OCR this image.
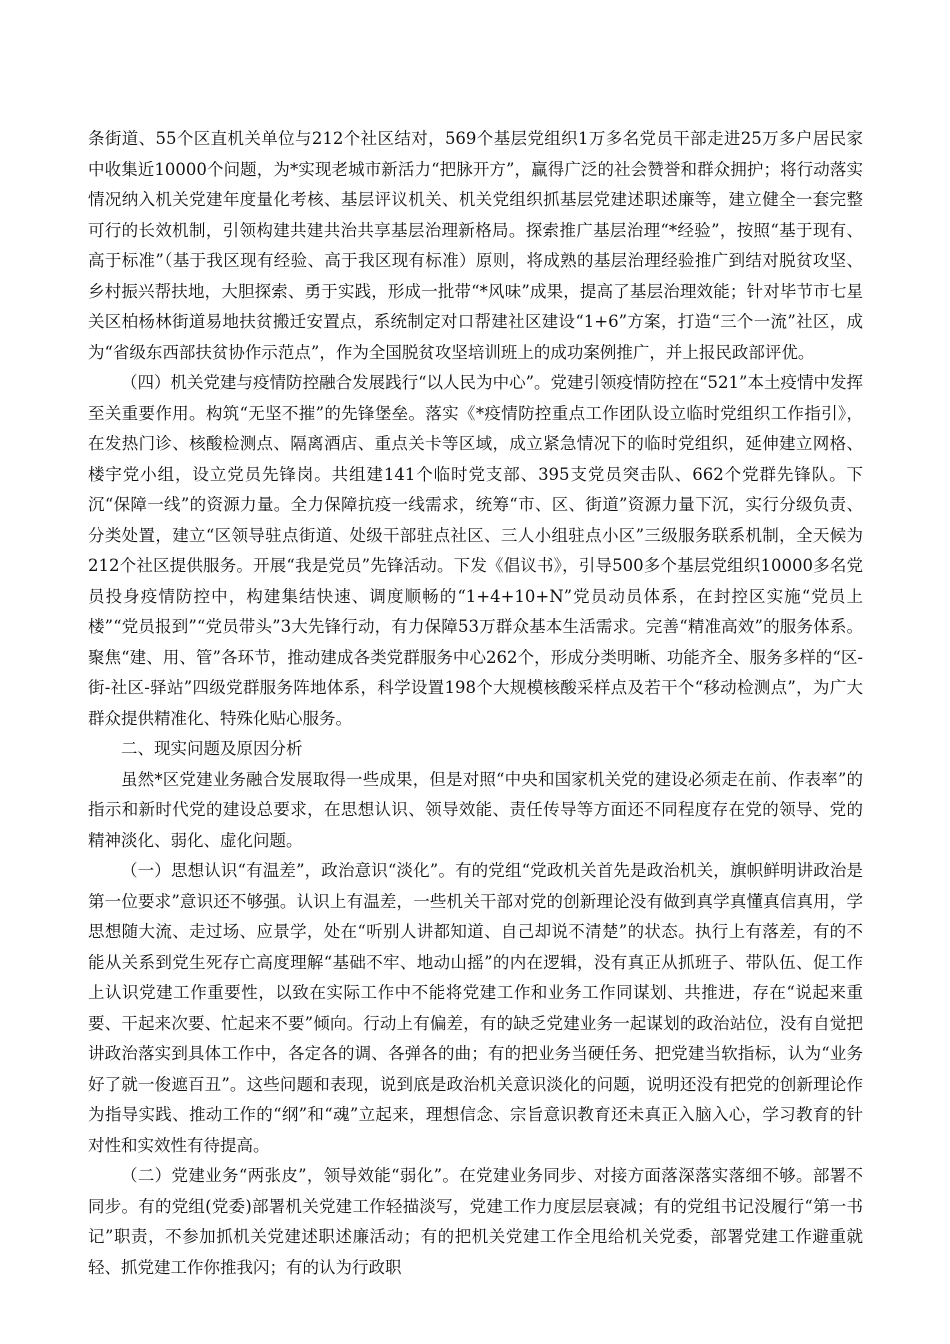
条街道、55个区直机关单位与212个社区结对，569个基层党组织1万多名党员干部走进25万多户居民家中收集近10000个问题，为*实现老城市新活力“把脉开方”，赢得广泛的社会赞誉和群众拥护；将行动落实情况纳入机关党建年度量化考核、基层评议机关、机关党组织抓基层党建述职述廉等，建立健全一套完整可行的长效机制，引领构建共建共治共享基层治理新格局。探索推广基层治理“*经验”，按照“基于现有、高于标准”（基于我区现有经验、高于我区现有标准）原则，将成熟的基层治理经验推广到结对脱贫攻坚、乡村振兴帮扶地，大胆探索、勇于实践，形成一批带“*风味”成果，提高了基层治理效能；针对毕节市七星关区柏杨林街道易地扶贫搬迁安置点，系统制定对口帮建社区建设“1+6”方案，打造“三个一流”社区，成为“省级东西部扶贫协作示范点”，作为全国脱贫攻坚培训班上的成功案例推广，并上报民政部评优。

（四）机关党建与疫情防控融合发展践行“以人民为中心”。党建引领疫情防控在“521”本土疫情中发挥至关重要作用。构筑“无坚不摧”的先锋堡垒。落实《*疫情防控重点工作团队设立临时党组织工作指引》，在发热门诊、核酸检测点、隔离酒店、重点关卡等区域，成立紧急情况下的临时党组织，延伸建立网格、楼宇党小组，设立党员先锋岗。共组建141个临时党支部、395支党员突击队、662个党群先锋队。下沉“保障一线”的资源力量。全力保障抗疫一线需求，统筹“市、区、街道”资源力量下沉，实行分级负责、分类处置，建立“区领导驻点街道、处级干部驻点社区、三人小组驻点小区”三级服务联系机制，全天候为212个社区提供服务。开展“我是党员”先锋活动。下发《倡议书》，引导500多个基层党组织10000多名党员投身疫情防控中，构建集结快速、调度顺畅的“1+4+10+N”党员动员体系，在封控区实施“党员上楼”“党员报到”“党员带头”3大先锋行动，有力保障53万群众基本生活需求。完善“精准高效”的服务体系。聚焦“建、用、管”各环节，推动建成各类党群服务中心262个，形成分类明晰、功能齐全、服务多样的“区-街-社区-驿站”四级党群服务阵地体系，科学设置198个大规模核酸采样点及若干个“移动检测点”，为广大群众提供精准化、特殊化贴心服务。

二、现实问题及原因分析

虽然*区党建业务融合发展取得一些成果，但是对照“中央和国家机关党的建设必须走在前、作表率”的指示和新时代党的建设总要求，在思想认识、领导效能、责任传导等方面还不同程度存在党的领导、党的精神淡化、弱化、虚化问题。

（一）思想认识“有温差”，政治意识“淡化”。有的党组“党政机关首先是政治机关，旗帜鲜明讲政治是第一位要求”意识还不够强。认识上有温差，一些机关干部对党的创新理论没有做到真学真懂真信真用，学思想随大流、走过场、应景学，处在“听别人讲都知道、自己却说不清楚”的状态。执行上有落差，有的不能从关系到党生死存亡高度理解“基础不牢、地动山摇”的内在逻辑，没有真正从抓班子、带队伍、促工作上认识党建工作重要性，以致在实际工作中不能将党建工作和业务工作同谋划、共推进，存在“说起来重要、干起来次要、忙起来不要”倾向。行动上有偏差，有的缺乏党建业务一起谋划的政治站位，没有自觉把讲政治落实到具体工作中，各定各的调、各弹各的曲；有的把业务当硬任务、把党建当软指标，认为“业务好了就一俊遮百丑”。这些问题和表现，说到底是政治机关意识淡化的问题，说明还没有把党的创新理论作为指导实践、推动工作的“纲”和“魂”立起来，理想信念、宗旨意识教育还未真正入脑入心，学习教育的针对性和实效性有待提高。

（二）党建业务“两张皮”，领导效能“弱化”。在党建业务同步、对接方面落深落实落细不够。部署不同步。有的党组(党委)部署机关党建工作轻描淡写，党建工作力度层层衰减；有的党组书记没履行“第一书记”职责，不参加抓机关党建述职述廉活动；有的把机关党建工作全甩给机关党委，部署党建工作避重就轻、抓党建工作你推我闪；有的认为行政职
